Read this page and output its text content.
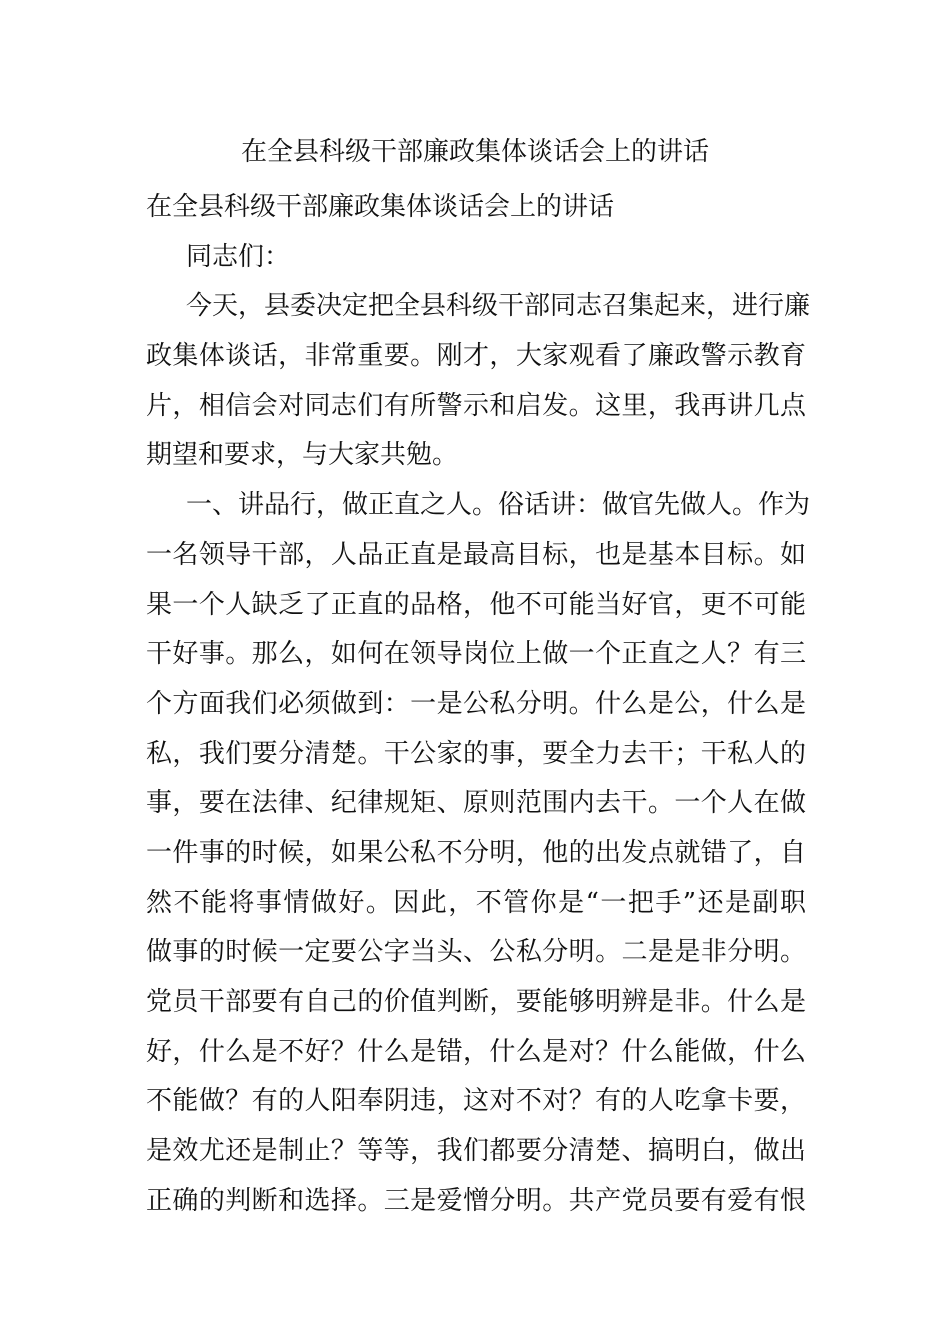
在全县科级干部廉政集体谈话会上的讲话
在全县科级干部廉政集体谈话会上的讲话
同志们：
今天，县委决定把全县科级干部同志召集起来，进行廉
政集体谈话，非常重要。刚才，大家观看了廉政警示教育
片，相信会对同志们有所警示和启发。这里，我再讲几点
期望和要求，与大家共勉。
一、讲品行，做正直之人。俗话讲：做官先做人。作为
一名领导干部，人品正直是最高目标，也是基本目标。如
果一个人缺乏了正直的品格，他不可能当好官，更不可能
干好事。那么，如何在领导岗位上做一个正直之人？有三
个方面我们必须做到：一是公私分明。什么是公，什么是
私，我们要分清楚。干公家的事，要全力去干；干私人的
事，要在法律、纪律规矩、原则范围内去干。一个人在做
一件事的时候，如果公私不分明，他的出发点就错了，自
然不能将事情做好。因此，不管你是“一把手”还是副职
做事的时候一定要公字当头、公私分明。二是是非分明。
党员干部要有自己的价值判断，要能够明辨是非。什么是
好，什么是不好？什么是错，什么是对？什么能做，什么
不能做？有的人阳奉阴违，这对不对？有的人吃拿卡要，
是效尤还是制止？等等，我们都要分清楚、搞明白，做出
正确的判断和选择。三是爱憎分明。共产党员要有爱有恨
